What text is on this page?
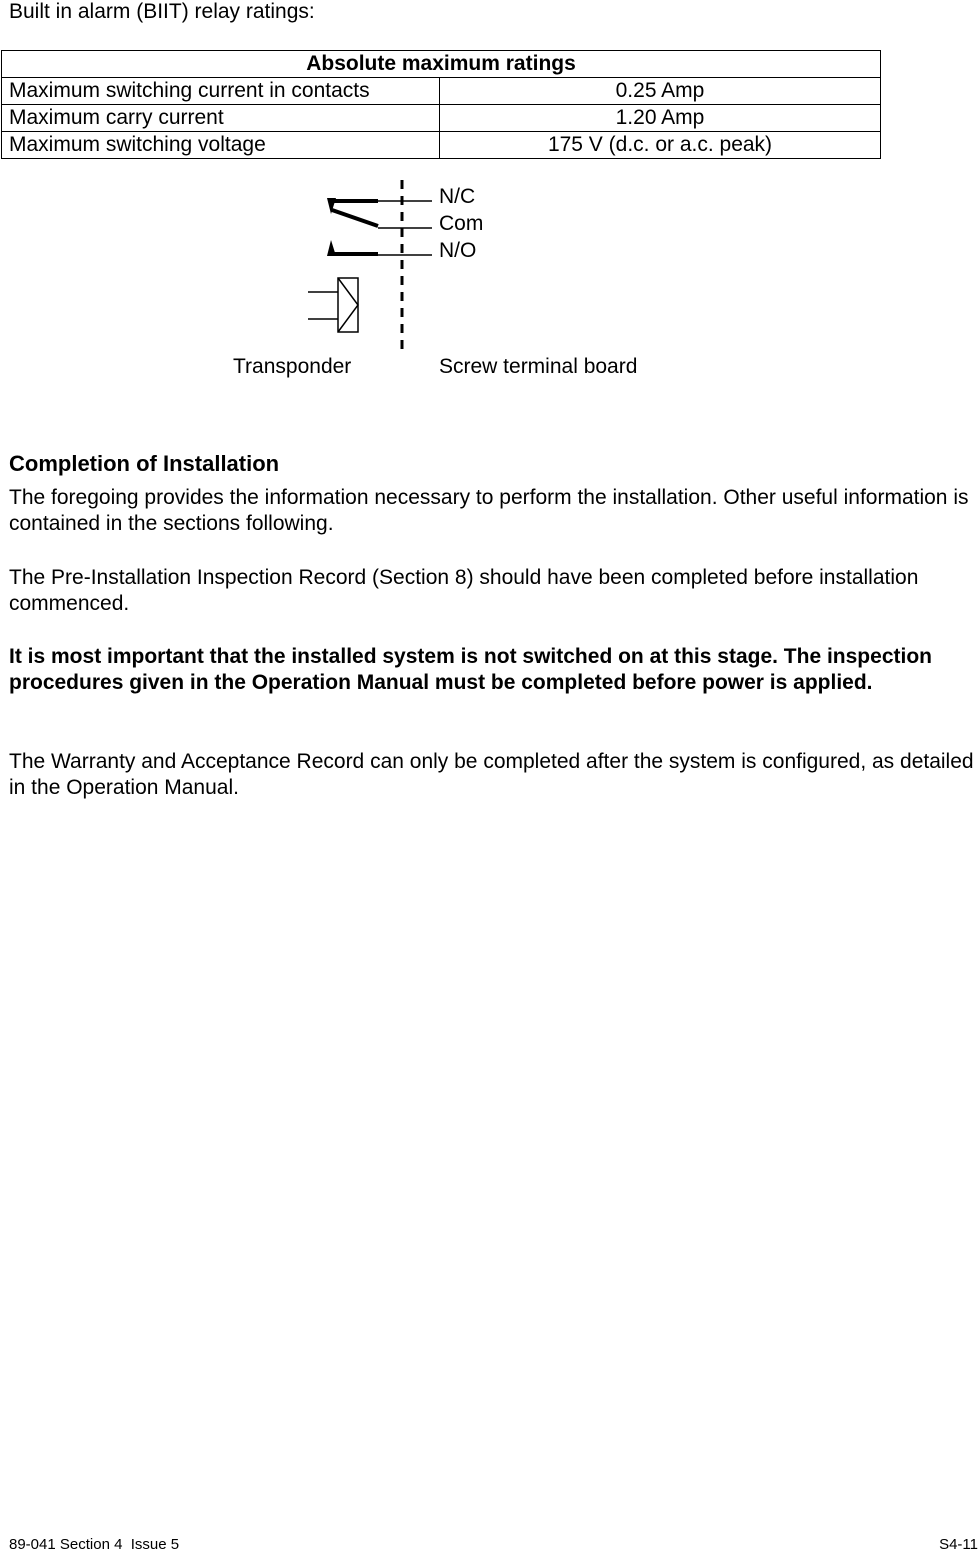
Built in alarm (BIIT) relay ratings:

Absolute maximum ratings	
Maximum switching current in contacts	0.25 Amp
Maximum carry current	1.20 Amp
Maximum switching voltage	175 V (d.c. or a.c. peak)
N/C
Com
N/O
Transponder	Screw terminal board
Completion of Installation

The foregoing provides the information necessary to perform the installation. Other useful information is contained in the sections following.

The Pre-Installation Inspection Record (Section 8) should have been completed before installation commenced.

It is most important that the installed system is not switched on at this stage. The inspection procedures given in the Operation Manual must be completed before power is applied.

The Warranty and Acceptance Record can only be completed after the system is configured, as detailed in the Operation Manual.

89-041 Section 4  Issue 5	S4-11
